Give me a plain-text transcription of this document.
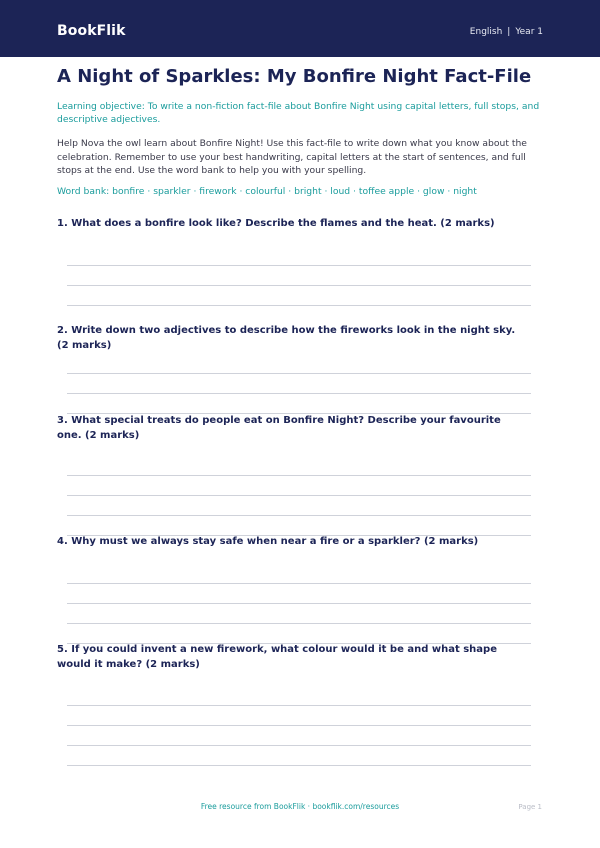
BookFlik	English | Year 1
A Night of Sparkles: My Bonfire Night Fact-File
Learning objective: To write a non-fiction fact-file about Bonfire Night using capital letters, full stops, and descriptive adjectives.
Help Nova the owl learn about Bonfire Night! Use this fact-file to write down what you know about the celebration. Remember to use your best handwriting, capital letters at the start of sentences, and full stops at the end. Use the word bank to help you with your spelling.
Word bank: bonfire · sparkler · firework · colourful · bright · loud · toffee apple · glow · night
1. What does a bonfire look like? Describe the flames and the heat. (2 marks)
2. Write down two adjectives to describe how the fireworks look in the night sky. (2 marks)
3. What special treats do people eat on Bonfire Night? Describe your favourite one. (2 marks)
4. Why must we always stay safe when near a fire or a sparkler? (2 marks)
5. If you could invent a new firework, what colour would it be and what shape would it make? (2 marks)
Free resource from BookFlik · bookflik.com/resources	Page 1
